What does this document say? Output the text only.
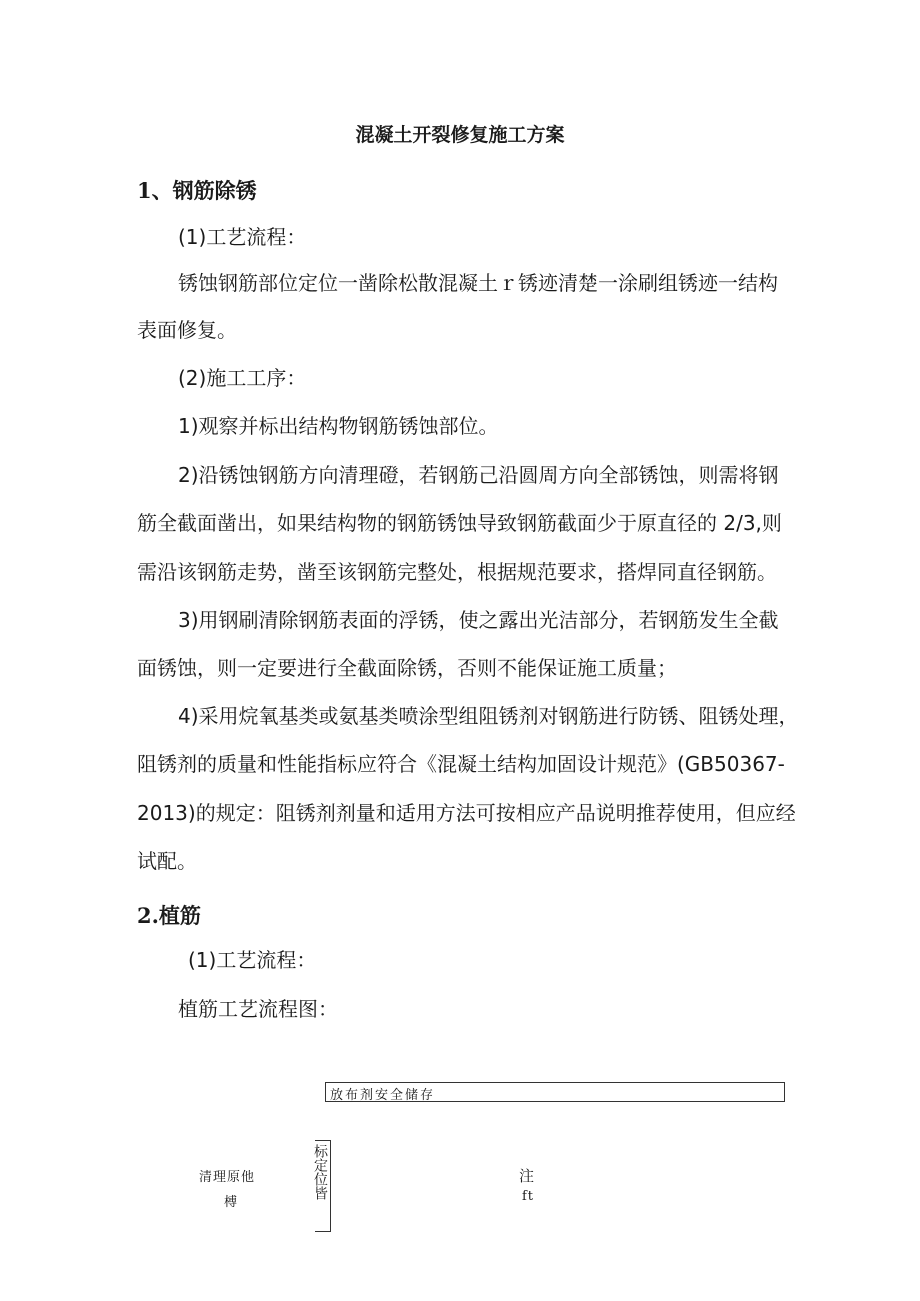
混凝土开裂修复施工方案
1、钢筋除锈
(1)工艺流程：
锈蚀钢筋部位定位一凿除松散混凝土ｒ锈迹清楚一涂刷组锈迹一结构
表面修复。
(2)施工工序：
1)观察并标出结构物钢筋锈蚀部位。
2)沿锈蚀钢筋方向清理磴，若钢筋己沿圆周方向全部锈蚀，则需将钢
筋全截面凿出，如果结构物的钢筋锈蚀导致钢筋截面少于原直径的 2/3,则
需沿该钢筋走势，凿至该钢筋完整处，根据规范要求，搭焊同直径钢筋。
3)用钢刷清除钢筋表面的浮锈，使之露出光洁部分，若钢筋发生全截
面锈蚀，则一定要进行全截面除锈，否则不能保证施工质量；
4)采用烷氧基类或氨基类喷涂型组阻锈剂对钢筋进行防锈、阻锈处理，
阻锈剂的质量和性能指标应符合《混凝土结构加固设计规范》(GB50367-
2013)的规定：阻锈剂剂量和适用方法可按相应产品说明推荐使用，但应经
试配。
2.植筋
(1)工艺流程：
植筋工艺流程图：
放布剂安全储存
清理原他
榑
标定位皆	注
ft
